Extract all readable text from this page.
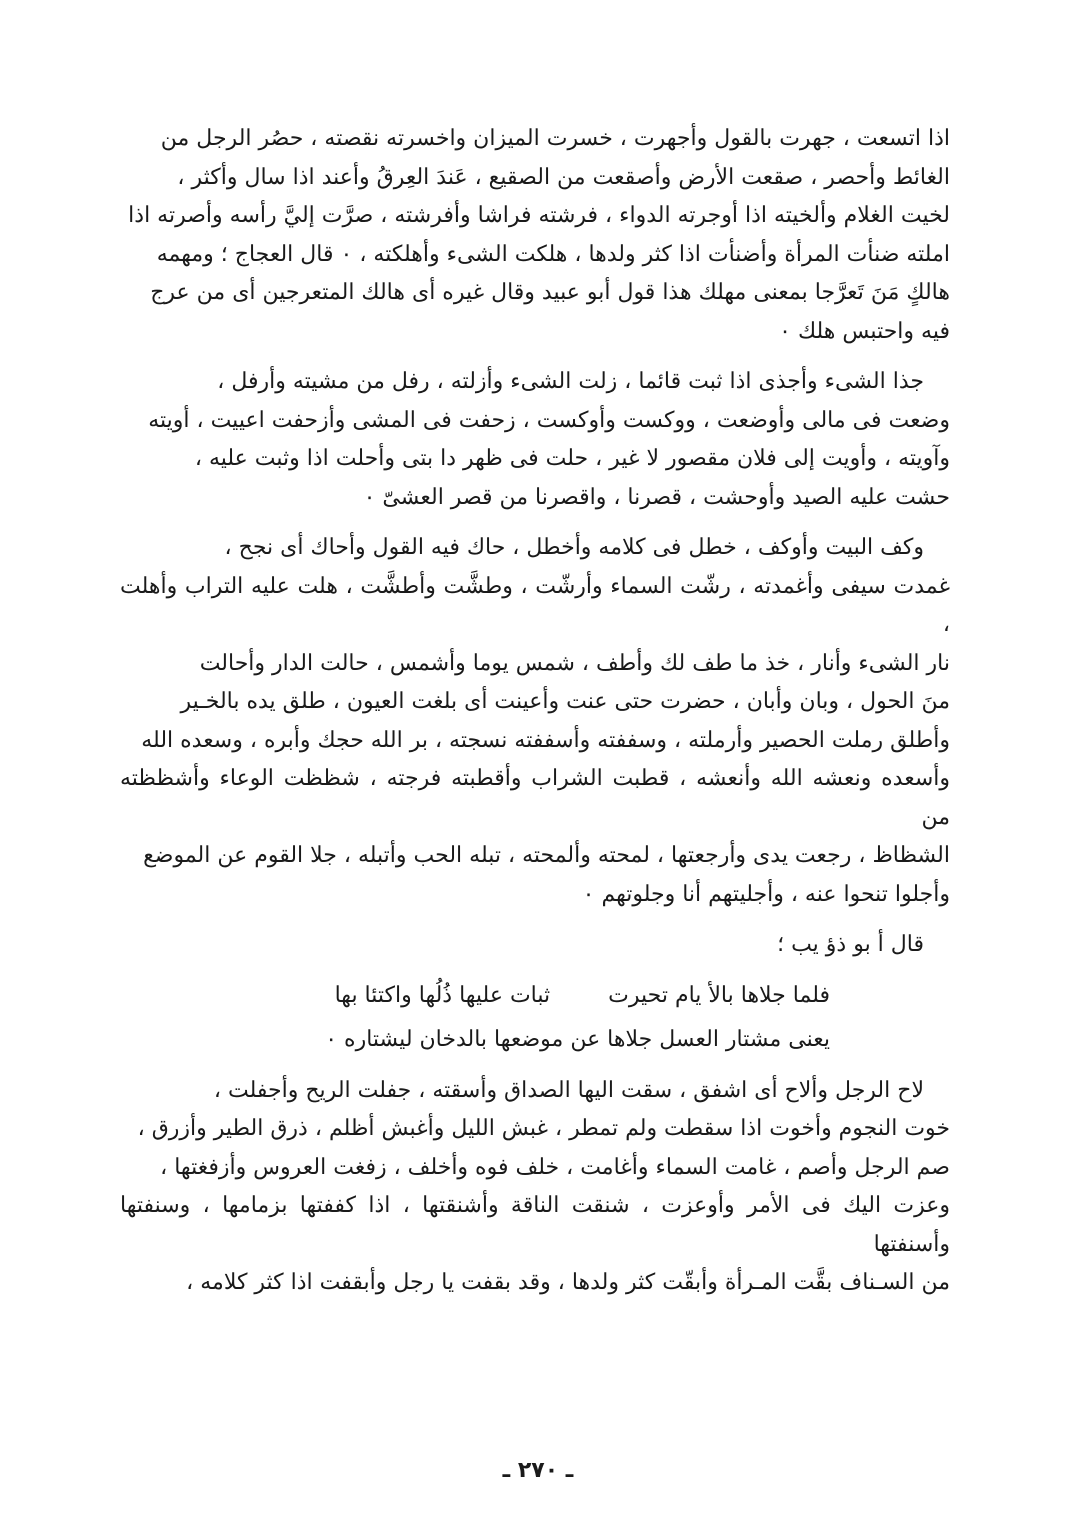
اذا اتسعت ، جهرت بالقول وأجهرت ، خسرت الميزان واخسرته نقصته ، حصُر الرجل من
الغائط وأحصر ، صقعت الأرض وأصقعت من الصقيع ، عَندَ العِرقُ وأعند اذا سال وأكثر ،
لخيت الغلام وألخيته اذا أوجرته الدواء ، فرشته فراشا وأفرشته ، صرَّت إليَّ رأسه وأصرته اذا
املته ضنأت المرأة وأضنأت اذا كثر ولدها ، هلكت الشىء وأهلكته ، ٠ قال العجاج ؛ ومهمه
هالكٍ مَنَ تَعرَّجا بمعنى مهلك هذا قول أبو عبيد وقال غيره أى هالك المتعرجين أى من عرج
فيه واحتبس هلك ٠

جذا الشىء وأجذى اذا ثبت قائما ، زلت الشىء وأزلته ، رفل من مشيته وأرفل ،
وضعت فى مالى وأوضعت ، ووكست وأوكست ، زحفت فى المشى وأزحفت اعييت ، أويته
وآويته ، وأويت إلى فلان مقصور لا غير ، حلت فى ظهر دا بتى وأحلت اذا وثبت عليه ،
حشت عليه الصيد وأوحشت ، قصرنا ، واقصرنا من قصر العشىّ ٠

وكف البيت وأوكف ، خطل فى كلامه وأخطل ، حاك فيه القول وأحاك أى نجح ،
غمدت سيفى وأغمدته ، رشّت السماء وأرشّت ، وطشَّت وأطشَّت ، هلت عليه التراب وأهلت ،
نار الشىء وأنار ، خذ ما طف لك وأطف ، شمس يوما وأشمس ، حالت الدار وأحالت
منَ الحول ، وبان وأبان ، حضرت حتى عنت وأعينت أى بلغت العيون ، طلق يده بالخـير
وأطلق رملت الحصير وأرملته ، وسففته وأسففته نسجته ، بر الله حجك وأبره ، وسعده الله
وأسعده ونعشه الله وأنعشه ، قطبت الشراب وأقطبته فرجته ، شظظت الوعاء وأشظظته من
الشظاظ ، رجعت يدى وأرجعتها ، لمحته وألمحته ، تبله الحب وأتبله ، جلا القوم عن الموضع
وأجلوا تنحوا عنه ، وأجليتهم أنا وجلوتهم ٠

قال أ بو ذؤ يب ؛
فلما جلاها بالأ يام تحيرت
ثبات عليها ذُلُها واكتئا بها
يعنى مشتار العسل جلاها عن موضعها بالدخان ليشتاره ٠

لاح الرجل وألاح أى اشفق ، سقت اليها الصداق وأسقته ، جفلت الريح وأجفلت ،
خوت النجوم وأخوت اذا سقطت ولم تمطر ، غبش الليل وأغبش أظلم ، ذرق الطير وأزرق ،
صم الرجل وأصم ، غامت السماء وأغامت ، خلف فوه وأخلف ، زفغت العروس وأزفغتها ،
وعزت اليك فى الأمر وأوعزت ، شنقت الناقة وأشنقتها ، اذا كففتها بزمامها ، وسنفتها وأسنفتها
من السـناف بقَّت المـرأة وأبقّت كثر ولدها ، وقد بقفت يا رجل وأبقفت اذا كثر كلامه ،

ـ ٢٧٠ ـ
